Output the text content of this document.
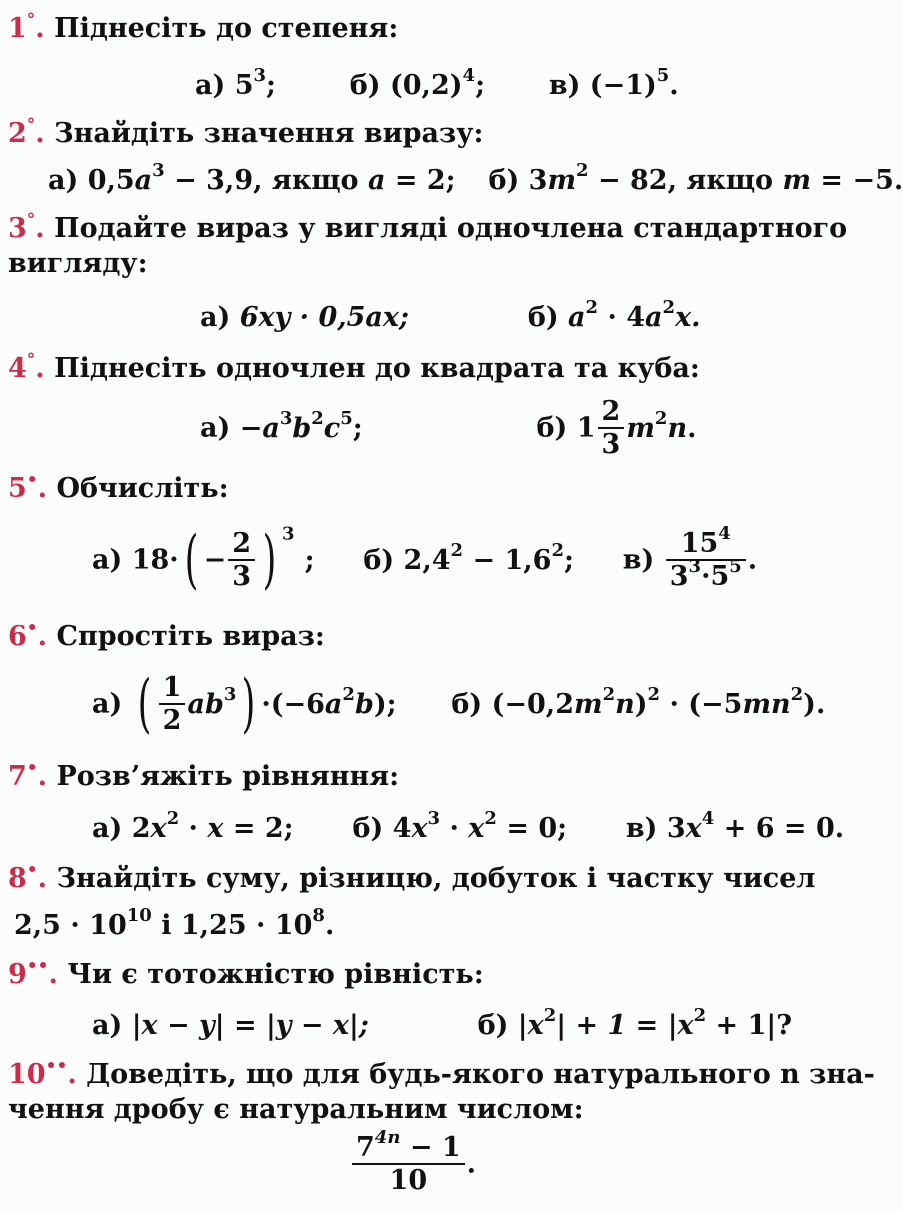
1°. Піднесіть до степеня:
а) $5^3$;  б) $(0,2)^4$;  в) $(-1)^5$.
2°. Знайдіть значення виразу:
а) $0,5a^3 - 3,9$, якщо a = 2; б) $3m^2 - 82$, якщо m = −5.
3°. Подайте вираз у вигляді одночлена стандартного
вигляду:
а) 6xy · 0,5ax;	б) $a^2 \cdot 4a^2x$.
4°. Піднесіть одночлен до квадрата та куба:
$а) -a^3b^2c^5$;	б) $1 \frac{2}{3} m^2n$.
5•. Обчисліть:
а) $18\cdot( - \frac{2}{3}$ ) $^3$; б) $2,4^2 - 1,6^2$; $в) \frac{15^4}{3^3\cdot 5^5}$ .
6•. Спростіть вираз:
а) ( $\frac{1}{2} ab^3) \cdot(-6a^2b)$; б) $(-0,2m^2n)^2 \cdot (-5mn^2)$.
7•. Розв’яжіть рівняння:
а) $2x^2 \cdot x = 2$; б) $4x^3 \cdot x^2 = 0$; в) $3x^4 + 6 = 0$.
8•. Знайдіть суму, різницю, добуток і частку чисел
$2,5 \cdot 10^{10}$ і $1,25 \cdot 10^8$.
9••. Чи є тотожністю рівність:
а) |x − y| = |y − x|;	б) $|x^2| + 1 = |x^2 + 1|$?
10••. Доведіть, що для будь-якого натурального n зна-
чення дробу є натуральним числом:
$\frac{7^{4n} - 1}{10}$ .
